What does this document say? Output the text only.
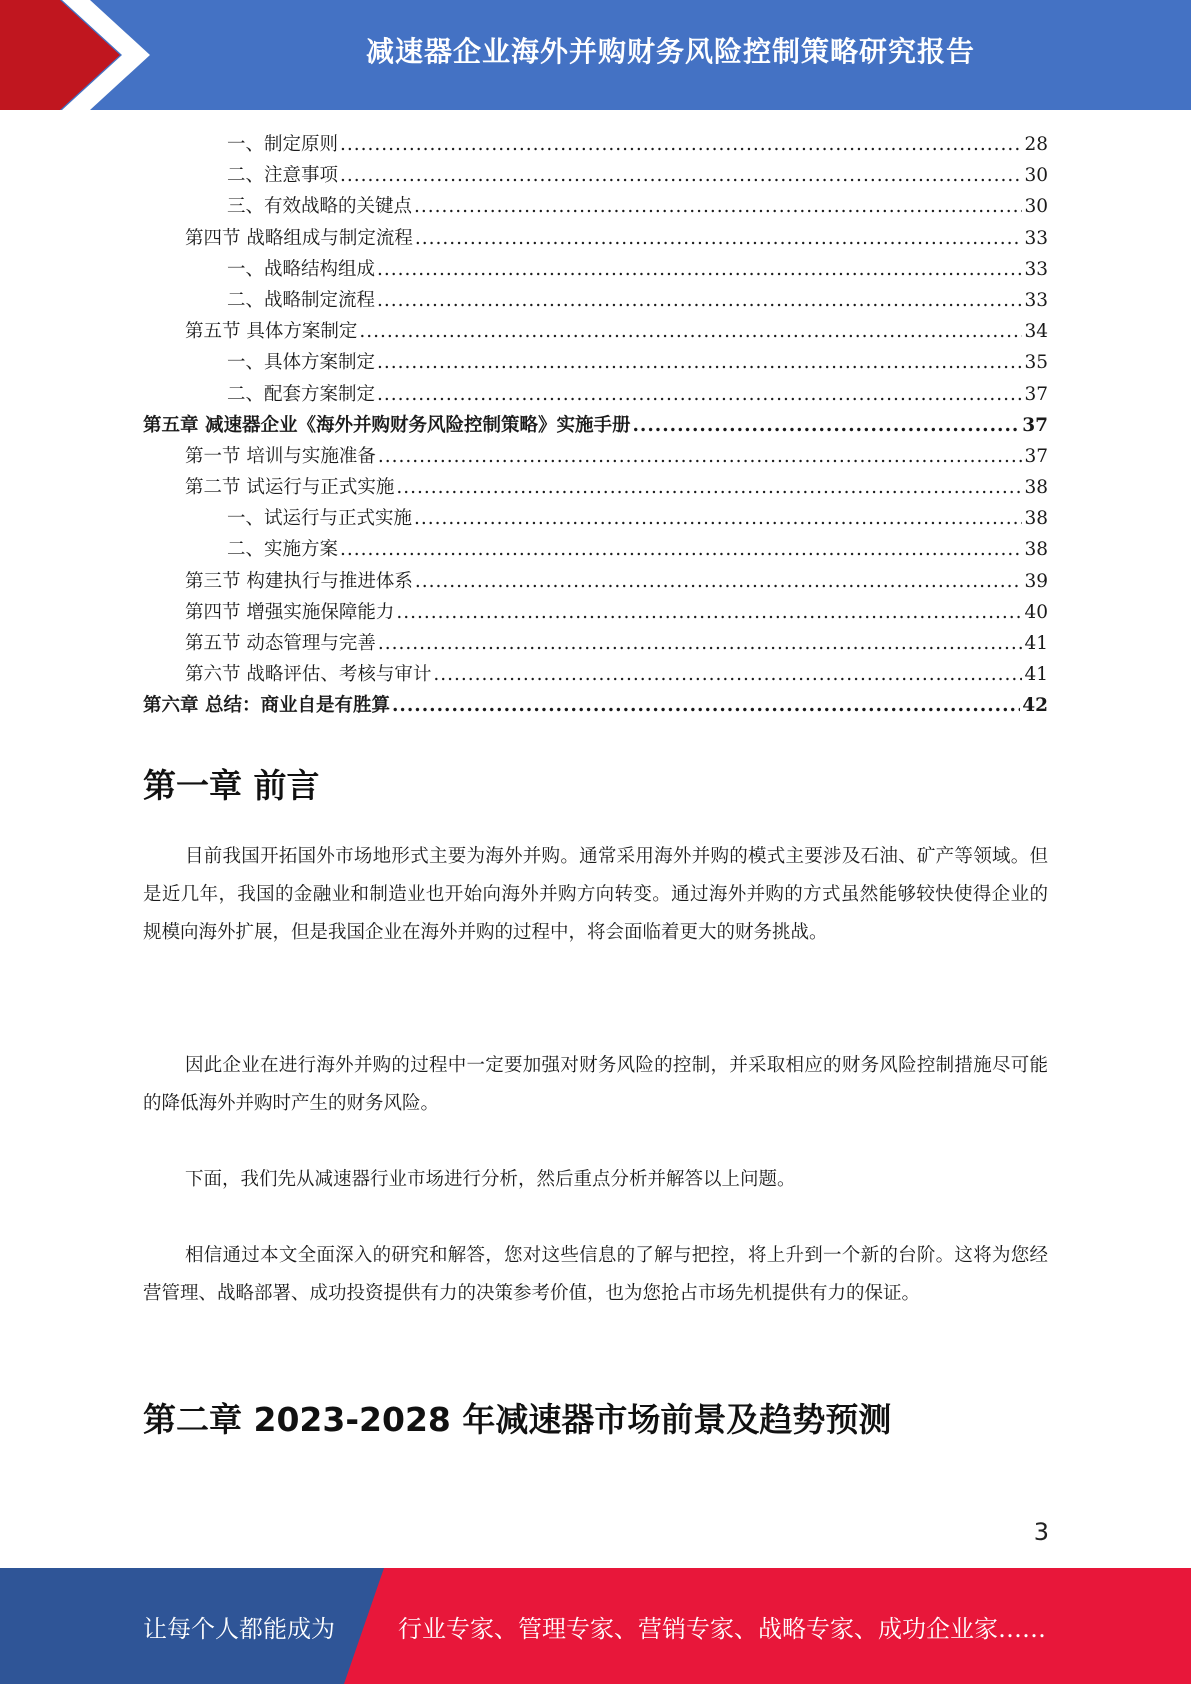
减速器企业海外并购财务风险控制策略研究报告
一、制定原则 .....	28
二、注意事项 .....	30
三、有效战略的关键点 .....	30
第四节 战略组成与制定流程 .....	33
一、战略结构组成 .....	33
二、战略制定流程 .....	33
第五节 具体方案制定 .....	34
一、具体方案制定 .....	35
二、配套方案制定 .....	37
第五章 减速器企业《海外并购财务风险控制策略》实施手册 .....	37
第一节 培训与实施准备 .....	37
第二节 试运行与正式实施 .....	38
一、试运行与正式实施 .....	38
二、实施方案 .....	38
第三节 构建执行与推进体系 .....	39
第四节 增强实施保障能力 .....	40
第五节 动态管理与完善 .....	41
第六节 战略评估、考核与审计 .....	41
第六章 总结：商业自是有胜算 .....	42
第一章 前言

目前我国开拓国外市场地形式主要为海外并购。通常采用海外并购的模式主要涉及石油、矿产等领域。但是近几年，我国的金融业和制造业也开始向海外并购方向转变。通过海外并购的方式虽然能够较快使得企业的规模向海外扩展，但是我国企业在海外并购的过程中，将会面临着更大的财务挑战。

因此企业在进行海外并购的过程中一定要加强对财务风险的控制，并采取相应的财务风险控制措施尽可能的降低海外并购时产生的财务风险。

下面，我们先从减速器行业市场进行分析，然后重点分析并解答以上问题。

相信通过本文全面深入的研究和解答，您对这些信息的了解与把控，将上升到一个新的台阶。这将为您经营管理、战略部署、成功投资提供有力的决策参考价值，也为您抢占市场先机提供有力的保证。

第二章 2023-2028 年减速器市场前景及趋势预测
3
让每个人都能成为	行业专家、管理专家、营销专家、战略专家、成功企业家……
